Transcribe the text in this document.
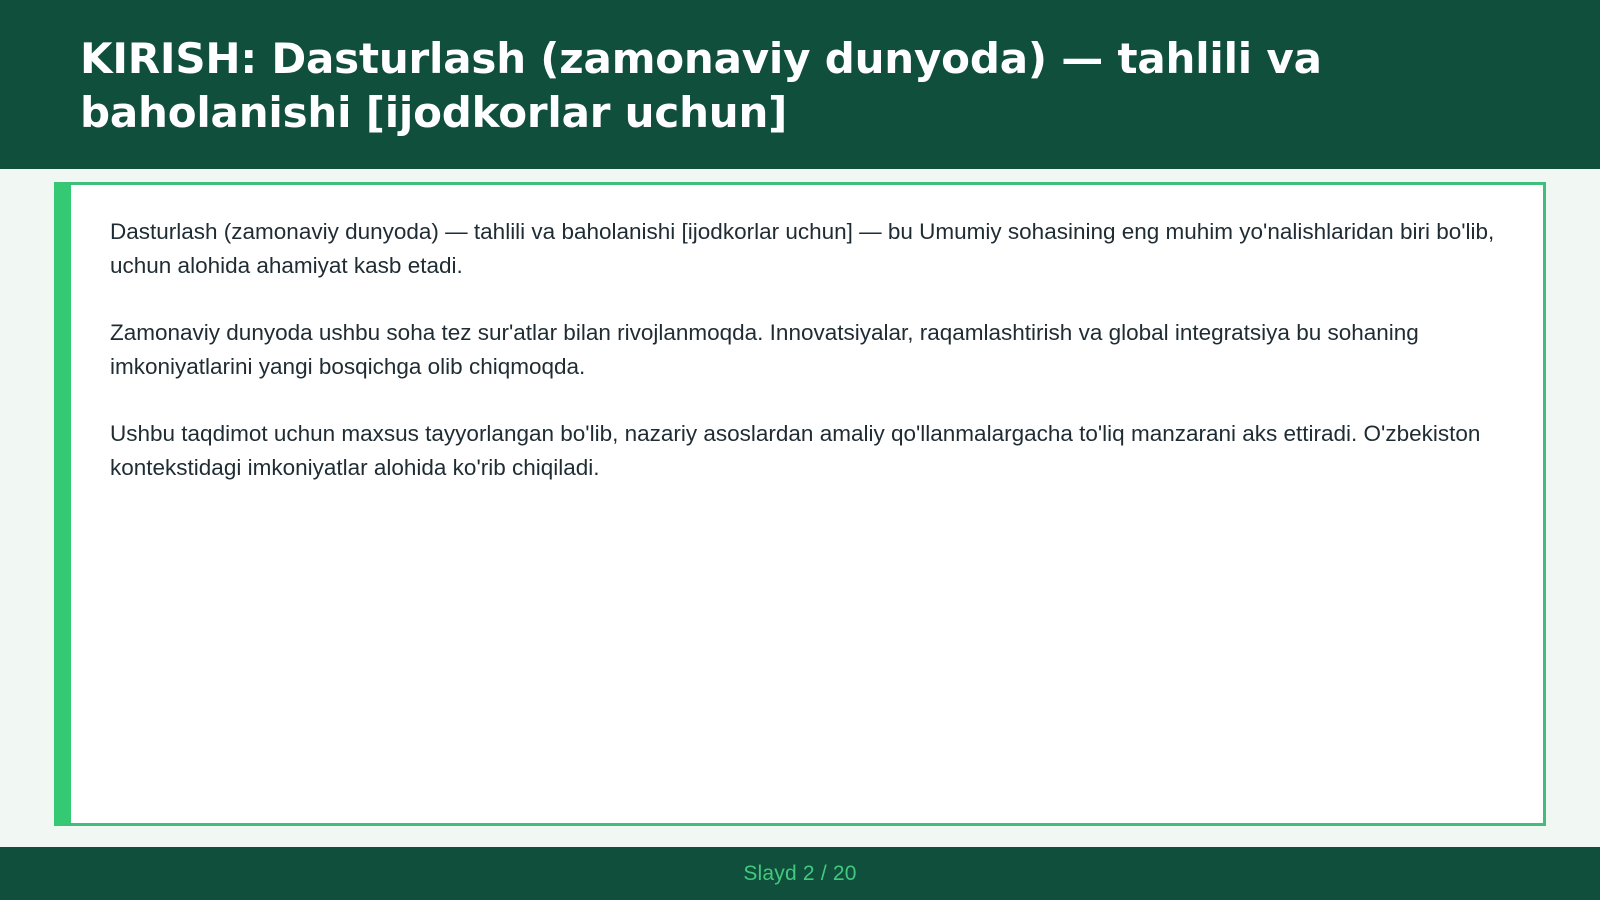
KIRISH: Dasturlash (zamonaviy dunyoda) — tahlili va baholanishi [ijodkorlar uchun]

Dasturlash (zamonaviy dunyoda) — tahlili va baholanishi [ijodkorlar uchun] — bu Umumiy sohasining eng muhim yo'nalishlaridan biri bo'lib, uchun alohida ahamiyat kasb etadi.

Zamonaviy dunyoda ushbu soha tez sur'atlar bilan rivojlanmoqda. Innovatsiyalar, raqamlashtirish va global integratsiya bu sohaning imkoniyatlarini yangi bosqichga olib chiqmoqda.

Ushbu taqdimot uchun maxsus tayyorlangan bo'lib, nazariy asoslardan amaliy qo'llanmalargacha to'liq manzarani aks ettiradi. O'zbekiston kontekstidagi imkoniyatlar alohida ko'rib chiqiladi.

Slayd 2 / 20
